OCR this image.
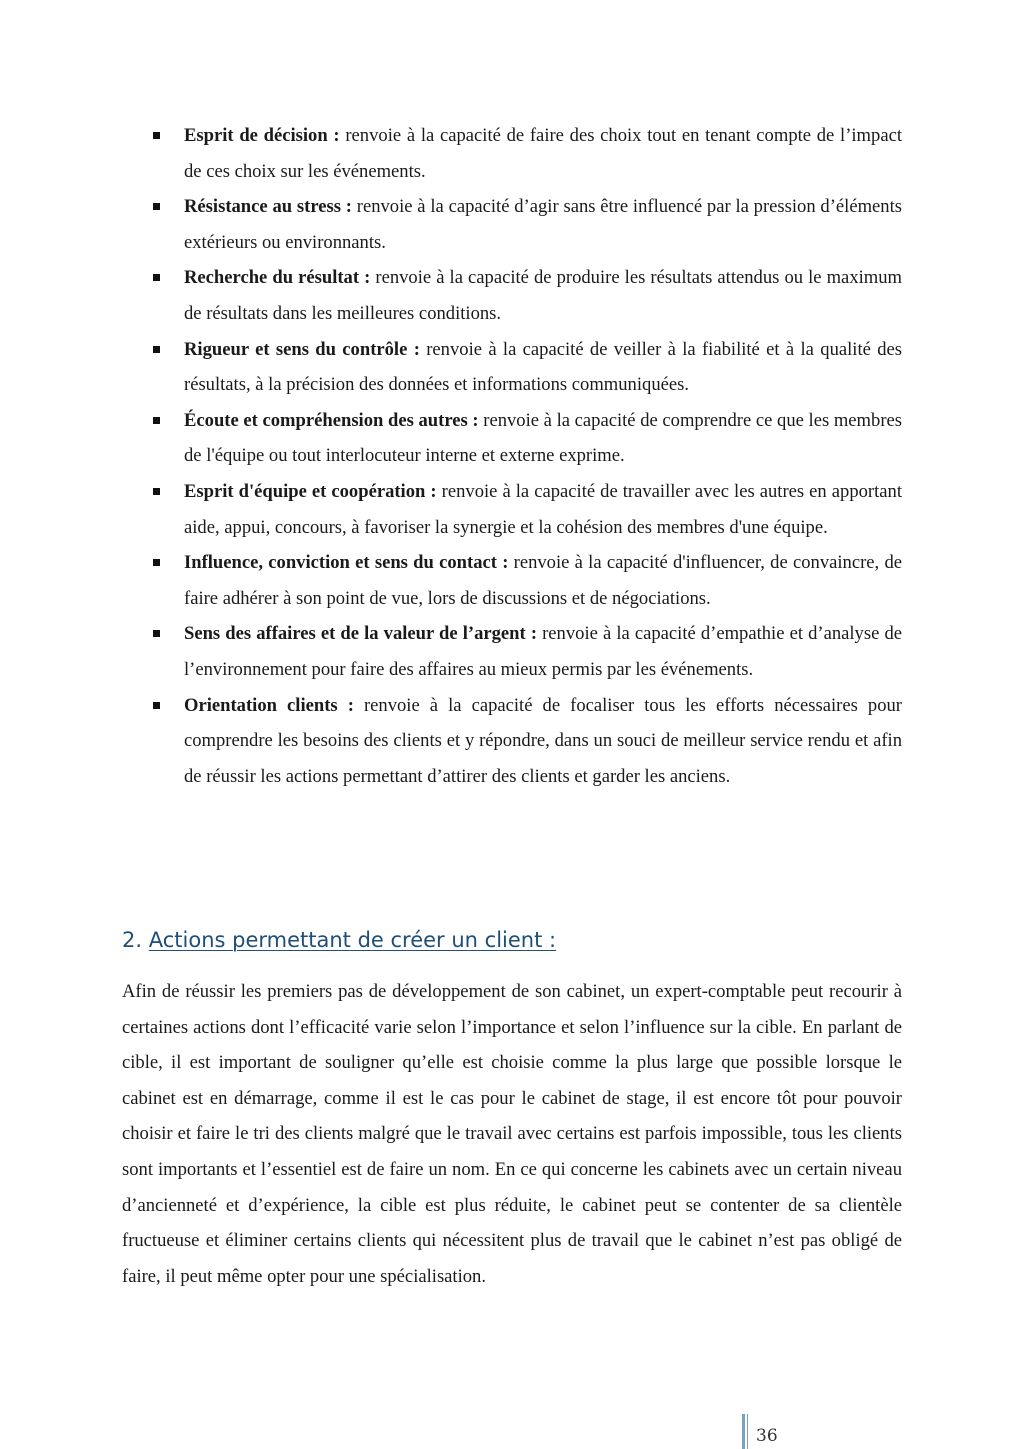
Esprit de décision : renvoie à la capacité de faire des choix tout en tenant compte de l’impact de ces choix sur les événements.
Résistance au stress : renvoie à la capacité d’agir sans être influencé par la pression d’éléments extérieurs ou environnants.
Recherche du résultat : renvoie à la capacité de produire les résultats attendus ou le maximum de résultats dans les meilleures conditions.
Rigueur et sens du contrôle : renvoie à la capacité de veiller à la fiabilité et à la qualité des résultats, à la précision des données et informations communiquées.
Écoute et compréhension des autres : renvoie à la capacité de comprendre ce que les membres de l'équipe ou tout interlocuteur interne et externe exprime.
Esprit d'équipe et coopération : renvoie à la capacité de travailler avec les autres en apportant aide, appui, concours, à favoriser la synergie et la cohésion des membres d'une équipe.
Influence, conviction et sens du contact : renvoie à la capacité d'influencer, de convaincre, de faire adhérer à son point de vue, lors de discussions et de négociations.
Sens des affaires et de la valeur de l’argent : renvoie à la capacité d’empathie et d’analyse de l’environnement pour faire des affaires au mieux permis par les événements.
Orientation clients : renvoie à la capacité de focaliser tous les efforts nécessaires pour comprendre les besoins des clients et y répondre, dans un souci de meilleur service rendu et afin de réussir les actions permettant d’attirer des clients et garder les anciens.
2. Actions permettant de créer un client :

Afin de réussir les premiers pas de développement de son cabinet, un expert-comptable peut recourir à certaines actions dont l’efficacité varie selon l’importance et selon l’influence sur la cible. En parlant de cible, il est important de souligner qu’elle est choisie comme la plus large que possible lorsque le cabinet est en démarrage, comme il est le cas pour le cabinet de stage, il est encore tôt pour pouvoir choisir et faire le tri des clients malgré que le travail avec certains est parfois impossible, tous les clients sont importants et l’essentiel est de faire un nom. En ce qui concerne les cabinets avec un certain niveau d’ancienneté et d’expérience, la cible est plus réduite, le cabinet peut se contenter de sa clientèle fructueuse et éliminer certains clients qui nécessitent plus de travail que le cabinet n’est pas obligé de faire, il peut même opter pour une spécialisation.

36
